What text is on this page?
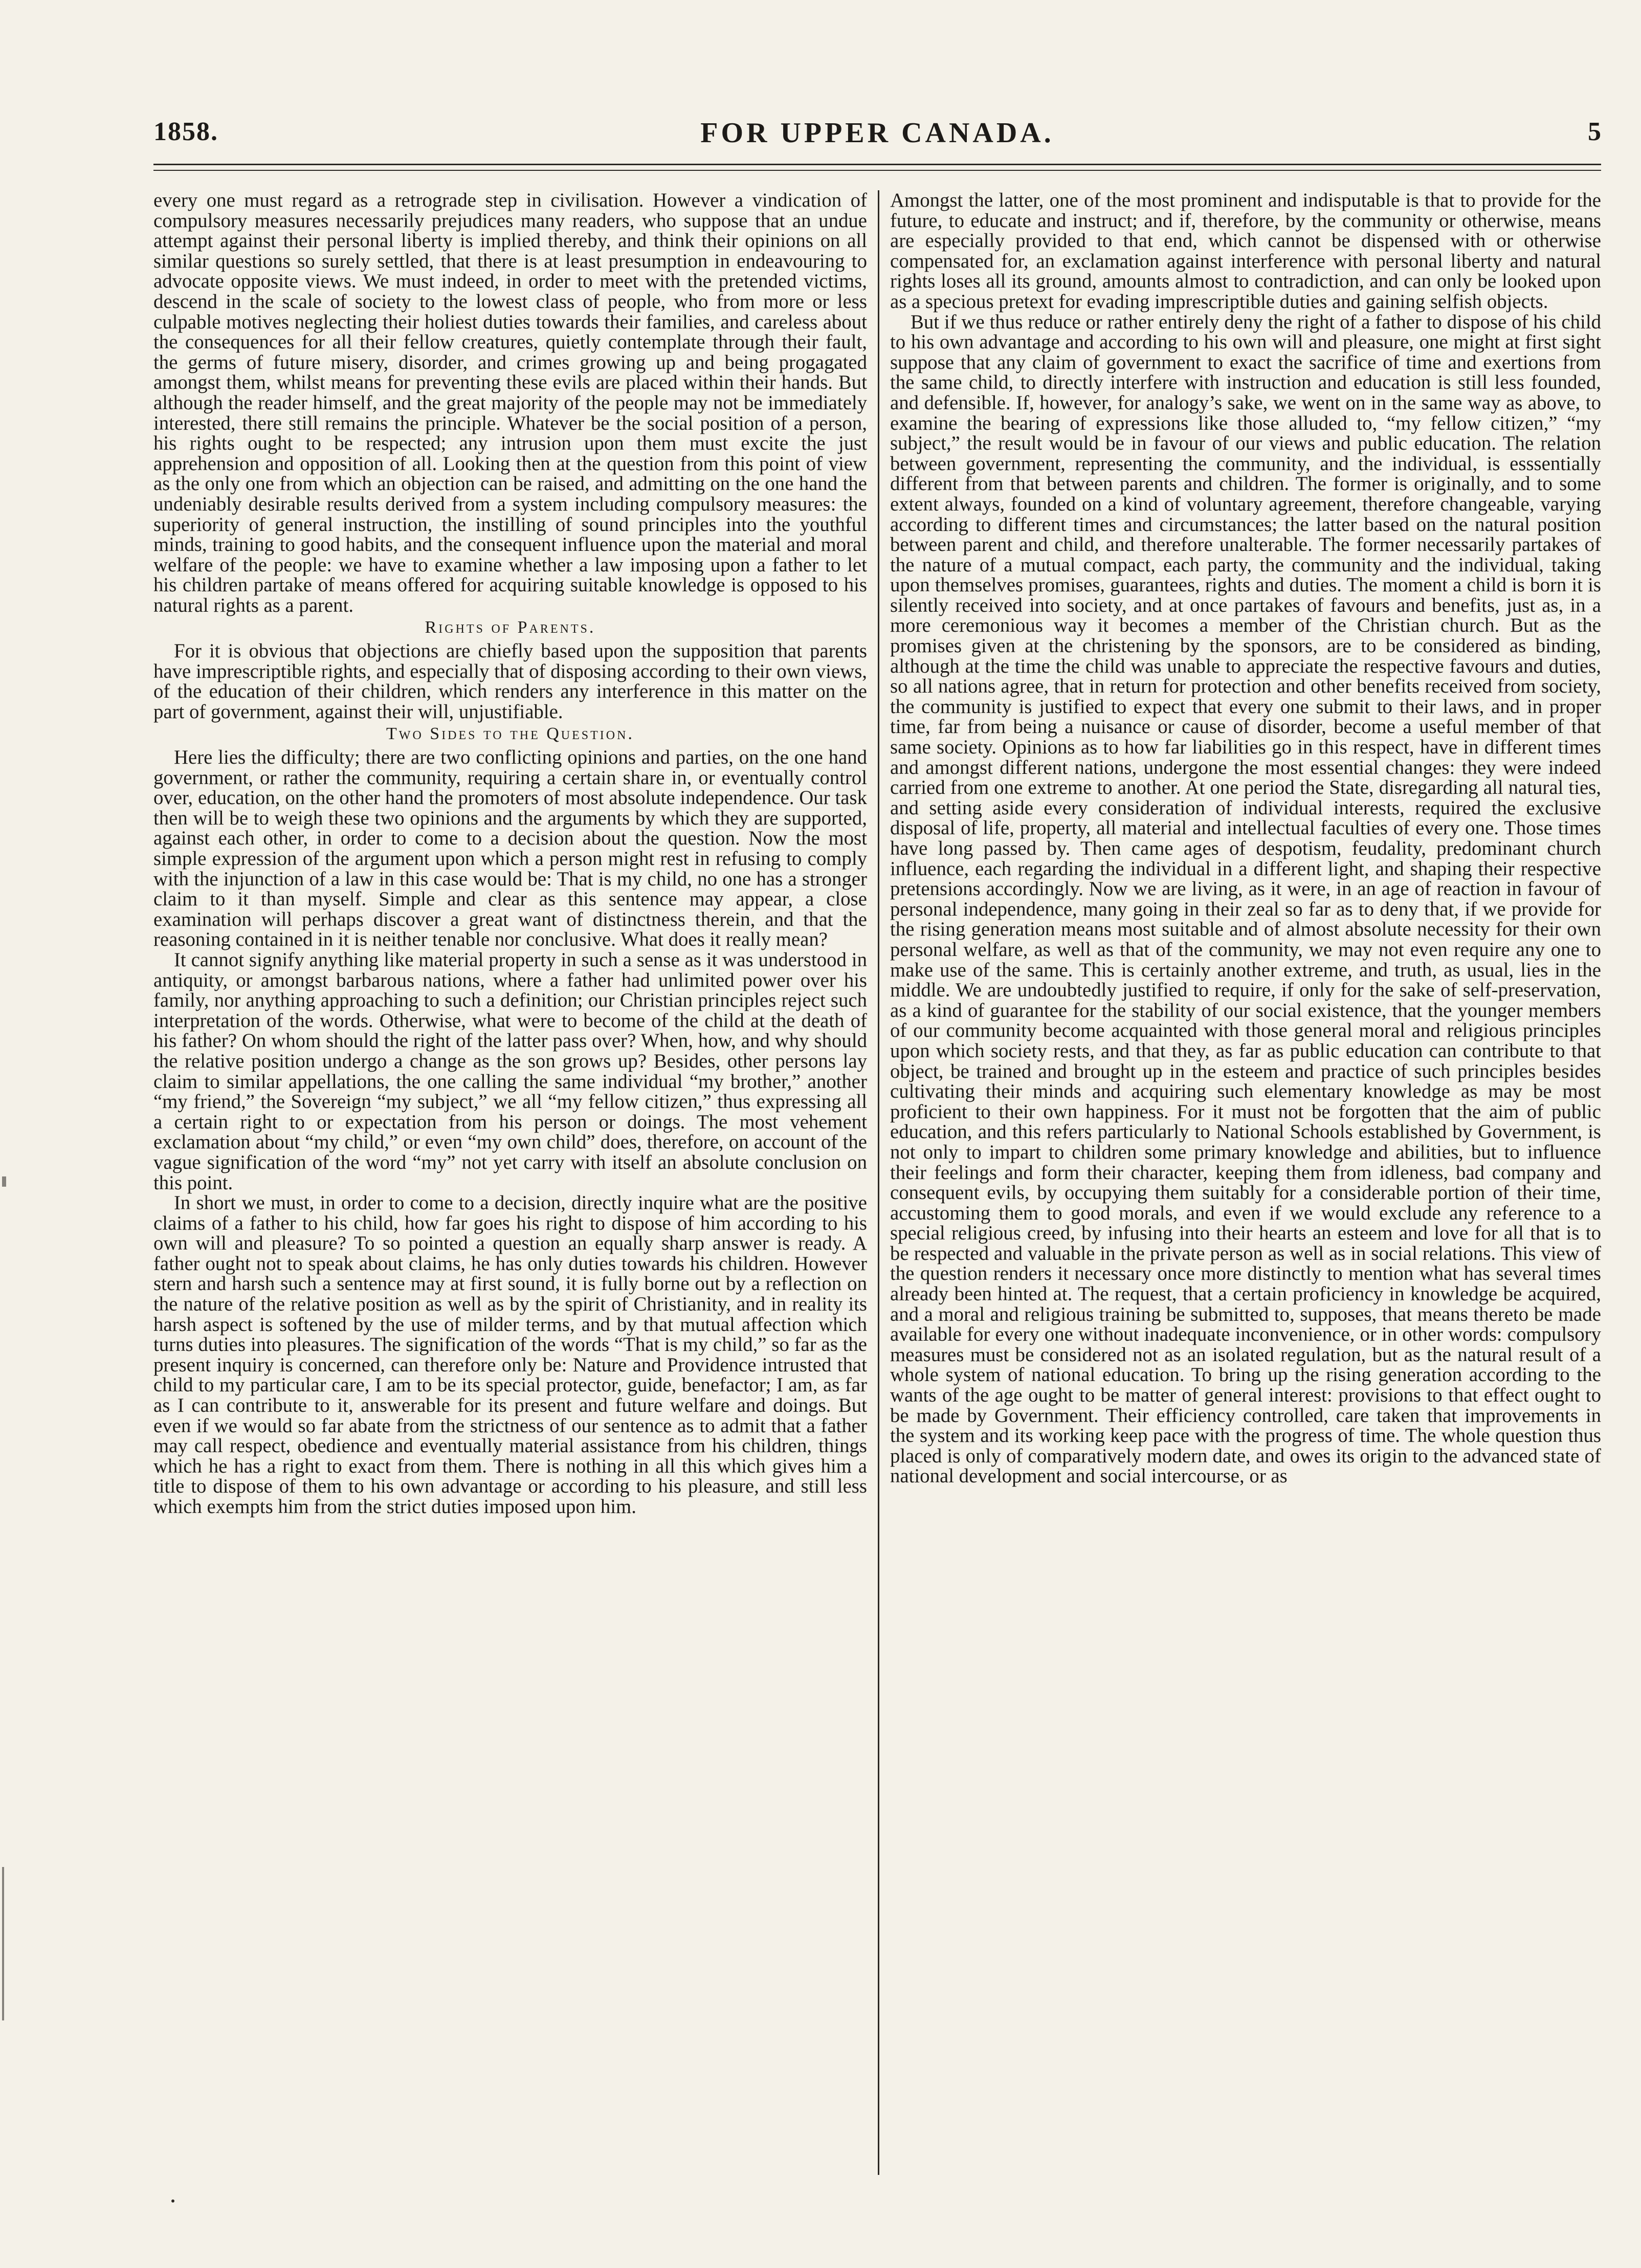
1858.	FOR UPPER CANADA.	5

every one must regard as a retrograde step in civilisation. However a vindication of compulsory measures necessarily prejudices many readers, who suppose that an undue attempt against their personal liberty is implied thereby, and think their opinions on all similar questions so surely settled, that there is at least presumption in endeavouring to advocate opposite views. We must indeed, in order to meet with the pretended victims, descend in the scale of society to the lowest class of people, who from more or less culpable motives neglecting their holiest duties towards their families, and careless about the consequences for all their fellow creatures, quietly contemplate through their fault, the germs of future misery, disorder, and crimes growing up and being progagated amongst them, whilst means for preventing these evils are placed within their hands. But although the reader himself, and the great majority of the people may not be immediately interested, there still remains the principle. Whatever be the social position of a person, his rights ought to be respected; any intrusion upon them must excite the just apprehension and opposition of all. Looking then at the question from this point of view as the only one from which an objection can be raised, and admitting on the one hand the undeniably desirable results derived from a system including compulsory measures: the superiority of general instruction, the instilling of sound principles into the youthful minds, training to good habits, and the consequent influence upon the material and moral welfare of the people: we have to examine whether a law imposing upon a father to let his children partake of means offered for acquiring suitable knowledge is opposed to his natural rights as a parent.

Rights of Parents.

For it is obvious that objections are chiefly based upon the supposition that parents have imprescriptible rights, and especially that of disposing according to their own views, of the education of their children, which renders any interference in this matter on the part of government, against their will, unjustifiable.

Two Sides to the Question.

Here lies the difficulty; there are two conflicting opinions and parties, on the one hand government, or rather the community, requiring a certain share in, or eventually control over, education, on the other hand the promoters of most absolute independence. Our task then will be to weigh these two opinions and the arguments by which they are supported, against each other, in order to come to a decision about the question. Now the most simple expression of the argument upon which a person might rest in refusing to comply with the injunction of a law in this case would be: That is my child, no one has a stronger claim to it than myself. Simple and clear as this sentence may appear, a close examination will perhaps discover a great want of distinctness therein, and that the reasoning contained in it is neither tenable nor conclusive. What does it really mean?

It cannot signify anything like material property in such a sense as it was understood in antiquity, or amongst barbarous nations, where a father had unlimited power over his family, nor anything approaching to such a definition; our Christian principles reject such interpretation of the words. Otherwise, what were to become of the child at the death of his father? On whom should the right of the latter pass over? When, how, and why should the relative position undergo a change as the son grows up? Besides, other persons lay claim to similar appellations, the one calling the same individual “my brother,” another “my friend,” the Sovereign “my subject,” we all “my fellow citizen,” thus expressing all a certain right to or expectation from his person or doings. The most vehement exclamation about “my child,” or even “my own child” does, therefore, on account of the vague signification of the word “my” not yet carry with itself an absolute conclusion on this point.

In short we must, in order to come to a decision, directly inquire what are the positive claims of a father to his child, how far goes his right to dispose of him according to his own will and pleasure? To so pointed a question an equally sharp answer is ready. A father ought not to speak about claims, he has only duties towards his children. However stern and harsh such a sentence may at first sound, it is fully borne out by a reflection on the nature of the relative position as well as by the spirit of Christianity, and in reality its harsh aspect is softened by the use of milder terms, and by that mutual affection which turns duties into pleasures. The signification of the words “That is my child,” so far as the present inquiry is concerned, can therefore only be: Nature and Providence intrusted that child to my particular care, I am to be its special protector, guide, benefactor; I am, as far as I can contribute to it, answerable for its present and future welfare and doings. But even if we would so far abate from the strictness of our sentence as to admit that a father may call respect, obedience and eventually material assistance from his children, things which he has a right to exact from them. There is nothing in all this which gives him a title to dispose of them to his own advantage or according to his pleasure, and still less which exempts him from the strict duties imposed upon him.

Amongst the latter, one of the most prominent and indisputable is that to provide for the future, to educate and instruct; and if, therefore, by the community or otherwise, means are especially provided to that end, which cannot be dispensed with or otherwise compensated for, an exclamation against interference with personal liberty and natural rights loses all its ground, amounts almost to contradiction, and can only be looked upon as a specious pretext for evading imprescriptible duties and gaining selfish objects.

But if we thus reduce or rather entirely deny the right of a father to dispose of his child to his own advantage and according to his own will and pleasure, one might at first sight suppose that any claim of government to exact the sacrifice of time and exertions from the same child, to directly interfere with instruction and education is still less founded, and defensible. If, however, for analogy’s sake, we went on in the same way as above, to examine the bearing of expressions like those alluded to, “my fellow citizen,” “my subject,” the result would be in favour of our views and public education. The relation between government, representing the community, and the individual, is esssentially different from that between parents and children. The former is originally, and to some extent always, founded on a kind of voluntary agreement, therefore changeable, varying according to different times and circumstances; the latter based on the natural position between parent and child, and therefore unalterable. The former necessarily partakes of the nature of a mutual compact, each party, the community and the individual, taking upon themselves promises, guarantees, rights and duties. The moment a child is born it is silently received into society, and at once partakes of favours and benefits, just as, in a more ceremonious way it becomes a member of the Christian church. But as the promises given at the christening by the sponsors, are to be considered as binding, although at the time the child was unable to appreciate the respective favours and duties, so all nations agree, that in return for protection and other benefits received from society, the community is justified to expect that every one submit to their laws, and in proper time, far from being a nuisance or cause of disorder, become a useful member of that same society. Opinions as to how far liabilities go in this respect, have in different times and amongst different nations, undergone the most essential changes: they were indeed carried from one extreme to another. At one period the State, disregarding all natural ties, and setting aside every consideration of individual interests, required the exclusive disposal of life, property, all material and intellectual faculties of every one. Those times have long passed by. Then came ages of despotism, feudality, predominant church influence, each regarding the individual in a different light, and shaping their respective pretensions accordingly. Now we are living, as it were, in an age of reaction in favour of personal independence, many going in their zeal so far as to deny that, if we provide for the rising generation means most suitable and of almost absolute necessity for their own personal welfare, as well as that of the community, we may not even require any one to make use of the same. This is certainly another extreme, and truth, as usual, lies in the middle. We are undoubtedly justified to require, if only for the sake of self-preservation, as a kind of guarantee for the stability of our social existence, that the younger members of our community become acquainted with those general moral and religious principles upon which society rests, and that they, as far as public education can contribute to that object, be trained and brought up in the esteem and practice of such principles besides cultivating their minds and acquiring such elementary knowledge as may be most proficient to their own happiness. For it must not be forgotten that the aim of public education, and this refers particularly to National Schools established by Government, is not only to impart to children some primary knowledge and abilities, but to influence their feelings and form their character, keeping them from idleness, bad company and consequent evils, by occupying them suitably for a considerable portion of their time, accustoming them to good morals, and even if we would exclude any reference to a special religious creed, by infusing into their hearts an esteem and love for all that is to be respected and valuable in the private person as well as in social relations. This view of the question renders it necessary once more distinctly to mention what has several times already been hinted at. The request, that a certain proficiency in knowledge be acquired, and a moral and religious training be submitted to, supposes, that means thereto be made available for every one without inadequate inconvenience, or in other words: compulsory measures must be considered not as an isolated regulation, but as the natural result of a whole system of national education. To bring up the rising generation according to the wants of the age ought to be matter of general interest: provisions to that effect ought to be made by Government. Their efficiency controlled, care taken that improvements in the system and its working keep pace with the progress of time. The whole question thus placed is only of comparatively modern date, and owes its origin to the advanced state of national development and social intercourse, or as
